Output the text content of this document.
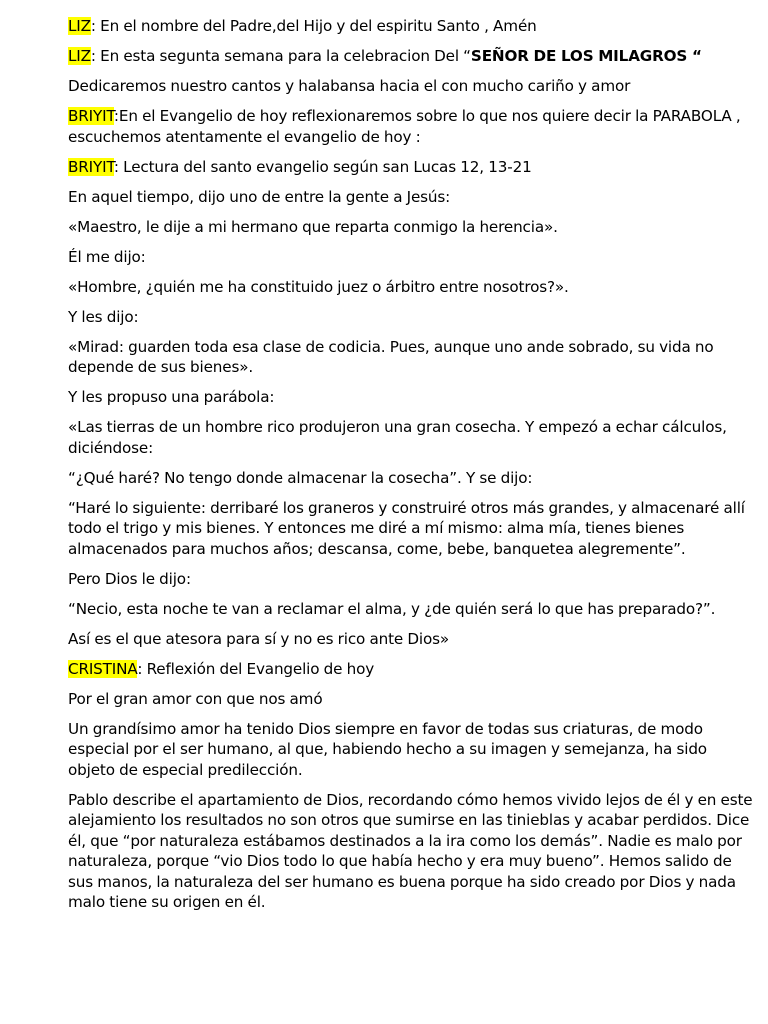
LIZ: En el nombre del Padre,del Hijo y del espiritu Santo , Amén

LIZ: En esta segunta semana para la celebracion Del “SEÑOR DE LOS MILAGROS “

Dedicaremos nuestro cantos y halabansa hacia el con mucho cariño y amor

BRIYIT:En el Evangelio de hoy reflexionaremos sobre lo que nos quiere decir la PARABOLA , escuchemos atentamente el evangelio de hoy :

BRIYIT: Lectura del santo evangelio según san Lucas 12, 13-21

En aquel tiempo, dijo uno de entre la gente a Jesús:

«Maestro, le dije a mi hermano que reparta conmigo la herencia».

Él me dijo:

«Hombre, ¿quién me ha constituido juez o árbitro entre nosotros?».

Y les dijo:

«Mirad: guarden toda esa clase de codicia. Pues, aunque uno ande sobrado, su vida no depende de sus bienes».

Y les propuso una parábola:

«Las tierras de un hombre rico produjeron una gran cosecha. Y empezó a echar cálculos, diciéndose:

“¿Qué haré? No tengo donde almacenar la cosecha”. Y se dijo:

“Haré lo siguiente: derribaré los graneros y construiré otros más grandes, y almacenaré allí todo el trigo y mis bienes. Y entonces me diré a mí mismo: alma mía, tienes bienes almacenados para muchos años; descansa, come, bebe, banquetea alegremente”.

Pero Dios le dijo:

“Necio, esta noche te van a reclamar el alma, y ¿de quién será lo que has preparado?”.

Así es el que atesora para sí y no es rico ante Dios»

CRISTINA: Reflexión del Evangelio de hoy

Por el gran amor con que nos amó

Un grandísimo amor ha tenido Dios siempre en favor de todas sus criaturas, de modo especial por el ser humano, al que, habiendo hecho a su imagen y semejanza, ha sido objeto de especial predilección.

Pablo describe el apartamiento de Dios, recordando cómo hemos vivido lejos de él y en este alejamiento los resultados no son otros que sumirse en las tinieblas y acabar perdidos. Dice él, que “por naturaleza estábamos destinados a la ira como los demás”. Nadie es malo por naturaleza, porque “vio Dios todo lo que había hecho y era muy bueno”. Hemos salido de sus manos, la naturaleza del ser humano es buena porque ha sido creado por Dios y nada malo tiene su origen en él.
